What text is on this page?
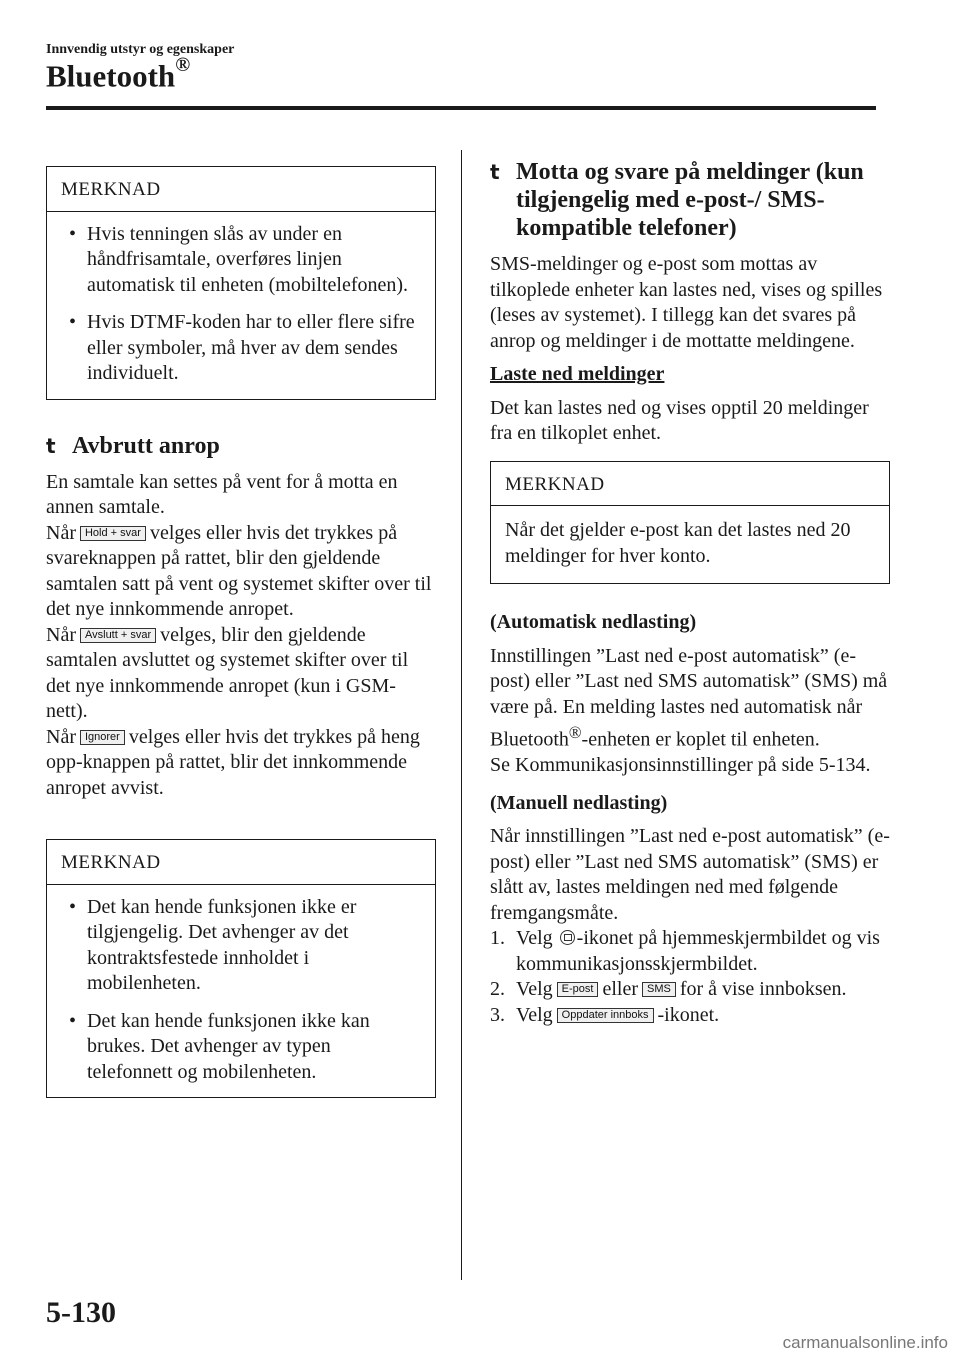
Innvendig utstyr og egenskaper
Bluetooth®
MERKNAD
• Hvis tenningen slås av under en håndfrisamtale, overføres linjen automatisk til enheten (mobiltelefonen).
• Hvis DTMF-koden har to eller flere sifre eller symboler, må hver av dem sendes individuelt.
t Avbrutt anrop

En samtale kan settes på vent for å motta en annen samtale.

Når Hold + svar velges eller hvis det trykkes på svareknappen på rattet, blir den gjeldende samtalen satt på vent og systemet skifter over til det nye innkommende anropet.

Når Avslutt + svar velges, blir den gjeldende samtalen avsluttet og systemet skifter over til det nye innkommende anropet (kun i GSM-nett).

Når Ignorer velges eller hvis det trykkes på heng opp-knappen på rattet, blir det innkommende anropet avvist.

MERKNAD
• Det kan hende funksjonen ikke er tilgjengelig. Det avhenger av det kontraktsfestede innholdet i mobilenheten.
• Det kan hende funksjonen ikke kan brukes. Det avhenger av typen telefonnett og mobilenheten.
t Motta og svare på meldinger (kun tilgjengelig med e-post-/ SMS-kompatible telefoner)

SMS-meldinger og e-post som mottas av tilkoplede enheter kan lastes ned, vises og spilles (leses av systemet). I tillegg kan det svares på anrop og meldinger i de mottatte meldingene.

Laste ned meldinger

Det kan lastes ned og vises opptil 20 meldinger fra en tilkoplet enhet.

MERKNAD
Når det gjelder e-post kan det lastes ned 20 meldinger for hver konto.
(Automatisk nedlasting)

Innstillingen ”Last ned e-post automatisk” (e-post) eller ”Last ned SMS automatisk” (SMS) må være på. En melding lastes ned automatisk når Bluetooth®-enheten er koplet til enheten.

Se Kommunikasjonsinnstillinger på side 5-134.

(Manuell nedlasting)

Når innstillingen ”Last ned e-post automatisk” (e-post) eller ”Last ned SMS automatisk” (SMS) er slått av, lastes meldingen ned med følgende fremgangsmåte.

1. Velg -ikonet på hjemmeskjermbildet og vis kommunikasjonsskjermbildet.
2. Velg E-post eller SMS for å vise innboksen.
3. Velg Oppdater innboks -ikonet.
5-130
carmanualsonline.info
